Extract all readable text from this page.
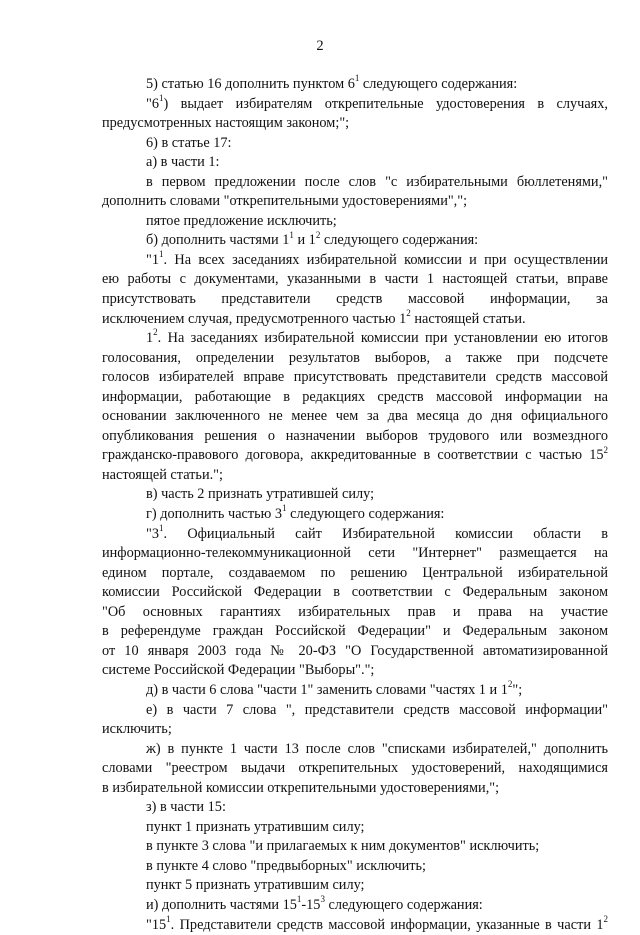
2
5) статью 16 дополнить пунктом $6^1$ следующего содержания:
"$6^1$) выдает избирателям открепительные удостоверения в случаях,
предусмотренных настоящим законом;";
6) в статье 17:
а) в части 1:
в первом предложении после слов "с избирательными бюллетенями,"
дополнить словами "открепительными удостоверениями",";
пятое предложение исключить;
б) дополнить частями $1^1$ и $1^2$ следующего содержания:
"$1^1$. На всех заседаниях избирательной комиссии и при осуществлении
ею работы с документами, указанными в части 1 настоящей статьи, вправе
присутствовать представители средств массовой информации, за
исключением случая, предусмотренного частью $1^2$ настоящей статьи.
$1^2$. На заседаниях избирательной комиссии при установлении ею итогов
голосования, определении результатов выборов, а также при подсчете
голосов избирателей вправе присутствовать представители средств массовой
информации, работающие в редакциях средств массовой информации на
основании заключенного не менее чем за два месяца до дня официального
опубликования решения о назначении выборов трудового или возмездного
гражданско-правового договора, аккредитованные в соответствии с частью $15^2$
настоящей статьи.";
в) часть 2 признать утратившей силу;
г) дополнить частью $3^1$ следующего содержания:
"$3^1$. Официальный сайт Избирательной комиссии области в
информационно-телекоммуникационной сети "Интернет" размещается на
едином портале, создаваемом по решению Центральной избирательной
комиссии Российской Федерации в соответствии с Федеральным законом
"Об основных гарантиях избирательных прав и права на участие
в референдуме граждан Российской Федерации" и Федеральным законом
от 10 января 2003 года № 20-ФЗ "О Государственной автоматизированной
системе Российской Федерации "Выборы".";
д) в части 6 слова "части 1" заменить словами "частях 1 и $1^2$";
е) в части 7 слова ", представители средств массовой информации"
исключить;
ж) в пункте 1 части 13 после слов "списками избирателей," дополнить
словами "реестром выдачи открепительных удостоверений, находящимися
в избирательной комиссии открепительными удостоверениями,";
з) в части 15:
пункт 1 признать утратившим силу;
в пункте 3 слова "и прилагаемых к ним документов" исключить;
в пункте 4 слово "предвыборных" исключить;
пункт 5 признать утратившим силу;
и) дополнить частями $15^1-15^3$ следующего содержания:
"$15^1$. Представители средств массовой информации, указанные в части $1^2$
